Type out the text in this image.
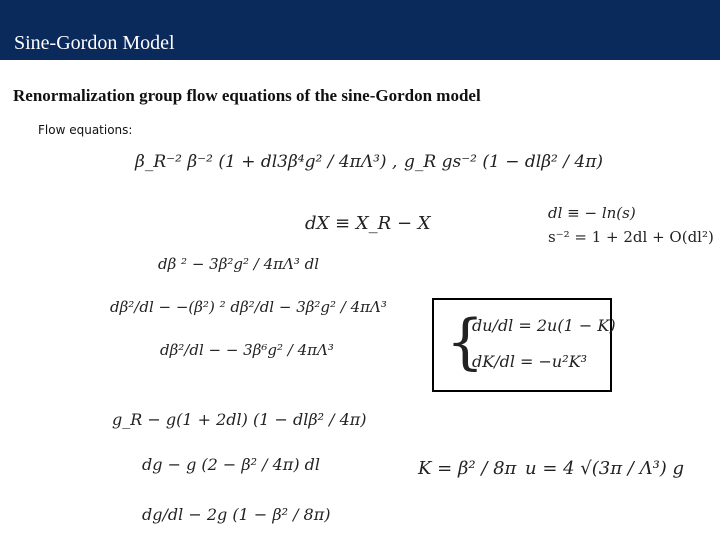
Sine-Gordon Model
Renormalization group flow equations of the sine-Gordon model
Flow equations:
β_R⁻² β⁻² (1 + dl3β⁴g² / 4πΛ³) , g_R gs⁻² (1 − dlβ² / 4π)
dX ≡ X_R − X	dl ≡ − ln(s)
s⁻² = 1 + 2dl + O(dl²)
dβ ² − 3β²g² / 4πΛ³ dl
dβ²/dl − −(β²) ² dβ²/dl − 3β²g² / 4πΛ³
dβ²/dl − − 3β⁶g² / 4πΛ³
g_R − g(1 + 2dl) (1 − dlβ² / 4π)
dg − g (2 − β² / 4π) dl
dg/dl − 2g (1 − β² / 8π)
K = β² / 8π u = 4 √(3π / Λ³) g
{
du/dl = 2u(1 − K)
dK/dl = −u²K³
